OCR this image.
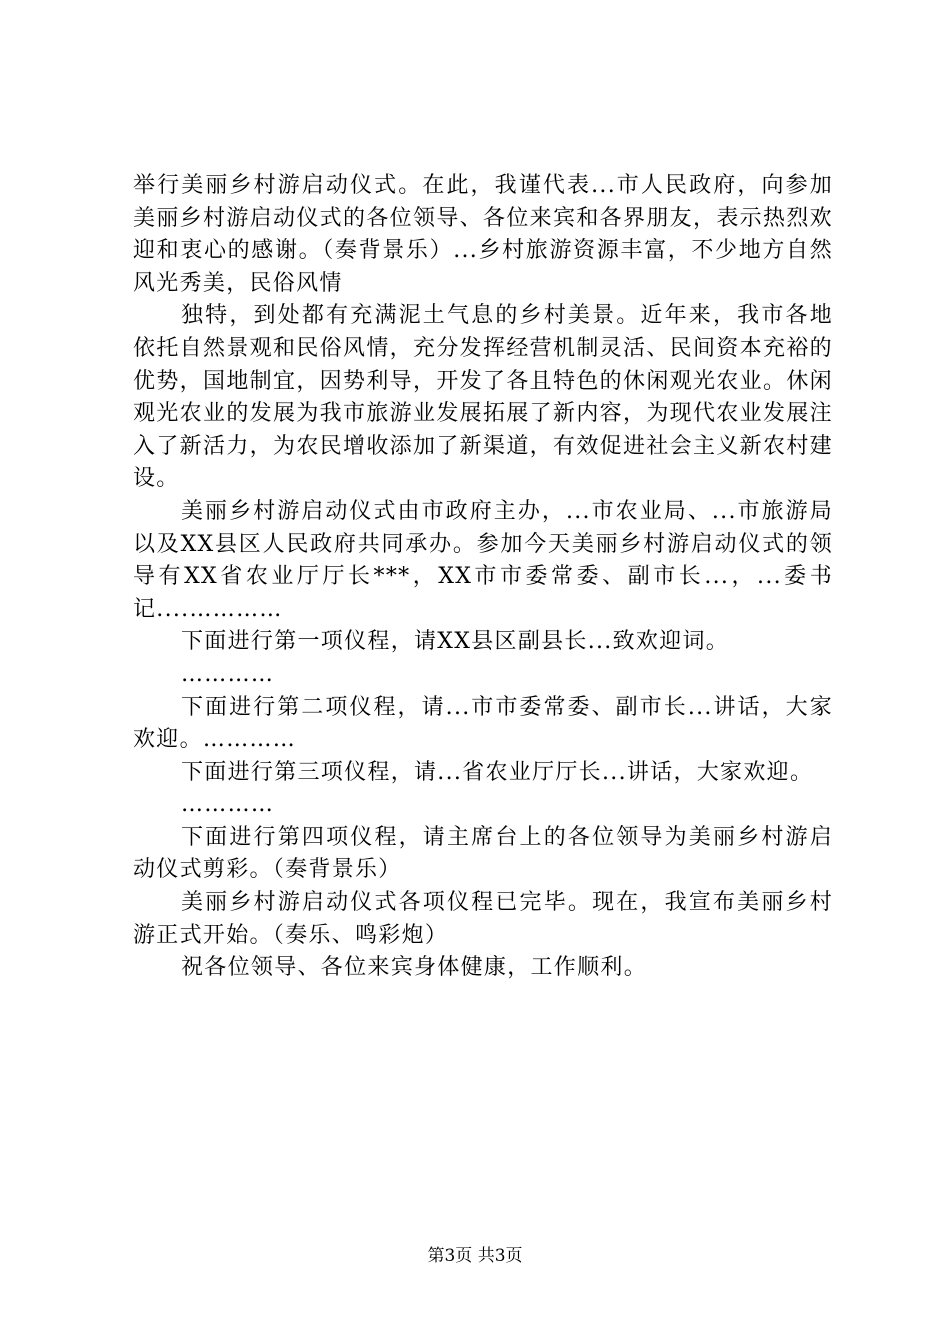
举行美丽乡村游启动仪式。在此，我谨代表...市人民政府，向参加美丽乡村游启动仪式的各位领导、各位来宾和各界朋友，表示热烈欢迎和衷心的感谢。（奏背景乐）...乡村旅游资源丰富，不少地方自然风光秀美，民俗风情

独特，到处都有充满泥土气息的乡村美景。近年来，我市各地依托自然景观和民俗风情，充分发挥经营机制灵活、民间资本充裕的优势，国地制宜，因势利导，开发了各且特色的休闲观光农业。休闲观光农业的发展为我市旅游业发展拓展了新内容，为现代农业发展注入了新活力，为农民增收添加了新渠道，有效促进社会主义新农村建设。

美丽乡村游启动仪式由市政府主办，...市农业局、...市旅游局以及XX县区人民政府共同承办。参加今天美丽乡村游启动仪式的领导有XX省农业厅厅长***，XX市市委常委、副市长...，...委书记....…………

下面进行第一项仪程，请XX县区副县长...致欢迎词。

…………

下面进行第二项仪程，请...市市委常委、副市长...讲话，大家欢迎。…………

下面进行第三项仪程，请...省农业厅厅长...讲话，大家欢迎。

…………

下面进行第四项仪程，请主席台上的各位领导为美丽乡村游启动仪式剪彩。（奏背景乐）

美丽乡村游启动仪式各项仪程已完毕。现在，我宣布美丽乡村游正式开始。（奏乐、鸣彩炮）

祝各位领导、各位来宾身体健康，工作顺利。

第3页 共3页
